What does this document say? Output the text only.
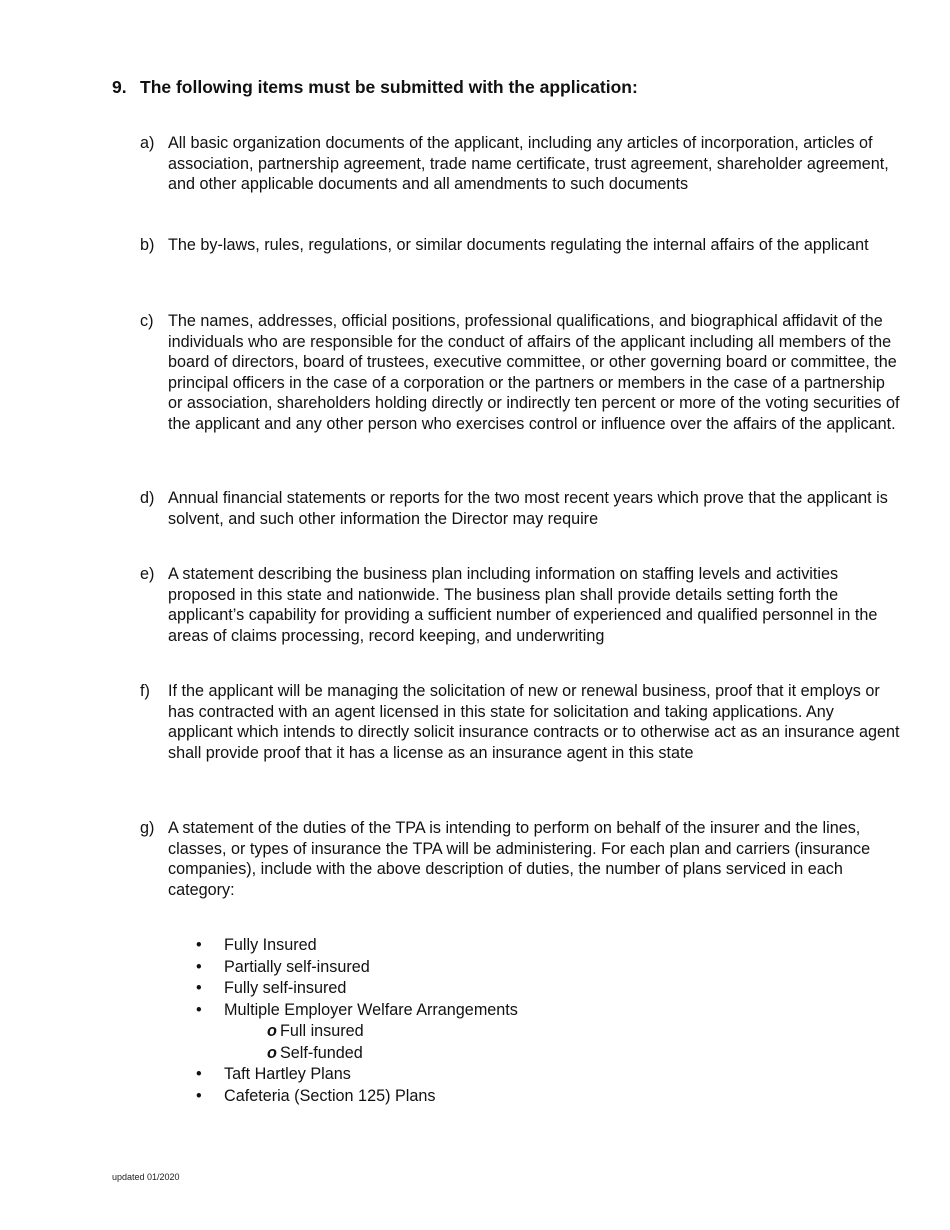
9. The following items must be submitted with the application:
a) All basic organization documents of the applicant, including any articles of incorporation, articles of association, partnership agreement, trade name certificate, trust agreement, shareholder agreement, and other applicable documents and all amendments to such documents
b) The by-laws, rules, regulations, or similar documents regulating the internal affairs of the applicant
c) The names, addresses, official positions, professional qualifications, and biographical affidavit of the individuals who are responsible for the conduct of affairs of the applicant including all members of the board of directors, board of trustees, executive committee, or other governing board or committee, the principal officers in the case of a corporation or the partners or members in the case of a partnership or association, shareholders holding directly or indirectly ten percent or more of the voting securities of the applicant and any other person who exercises control or influence over the affairs of the applicant.
d) Annual financial statements or reports for the two most recent years which prove that the applicant is solvent, and such other information the Director may require
e) A statement describing the business plan including information on staffing levels and activities proposed in this state and nationwide. The business plan shall provide details setting forth the applicant’s capability for providing a sufficient number of experienced and qualified personnel in the areas of claims processing, record keeping, and underwriting
f) If the applicant will be managing the solicitation of new or renewal business, proof that it employs or has contracted with an agent licensed in this state for solicitation and taking applications. Any applicant which intends to directly solicit insurance contracts or to otherwise act as an insurance agent shall provide proof that it has a license as an insurance agent in this state
g) A statement of the duties of the TPA is intending to perform on behalf of the insurer and the lines, classes, or types of insurance the TPA will be administering. For each plan and carriers (insurance companies), include with the above description of duties, the number of plans serviced in each category:
• Fully Insured
• Partially self-insured
• Fully self-insured
• Multiple Employer Welfare Arrangements
o Full insured
o Self-funded
• Taft Hartley Plans
• Cafeteria (Section 125) Plans
updated 01/2020
